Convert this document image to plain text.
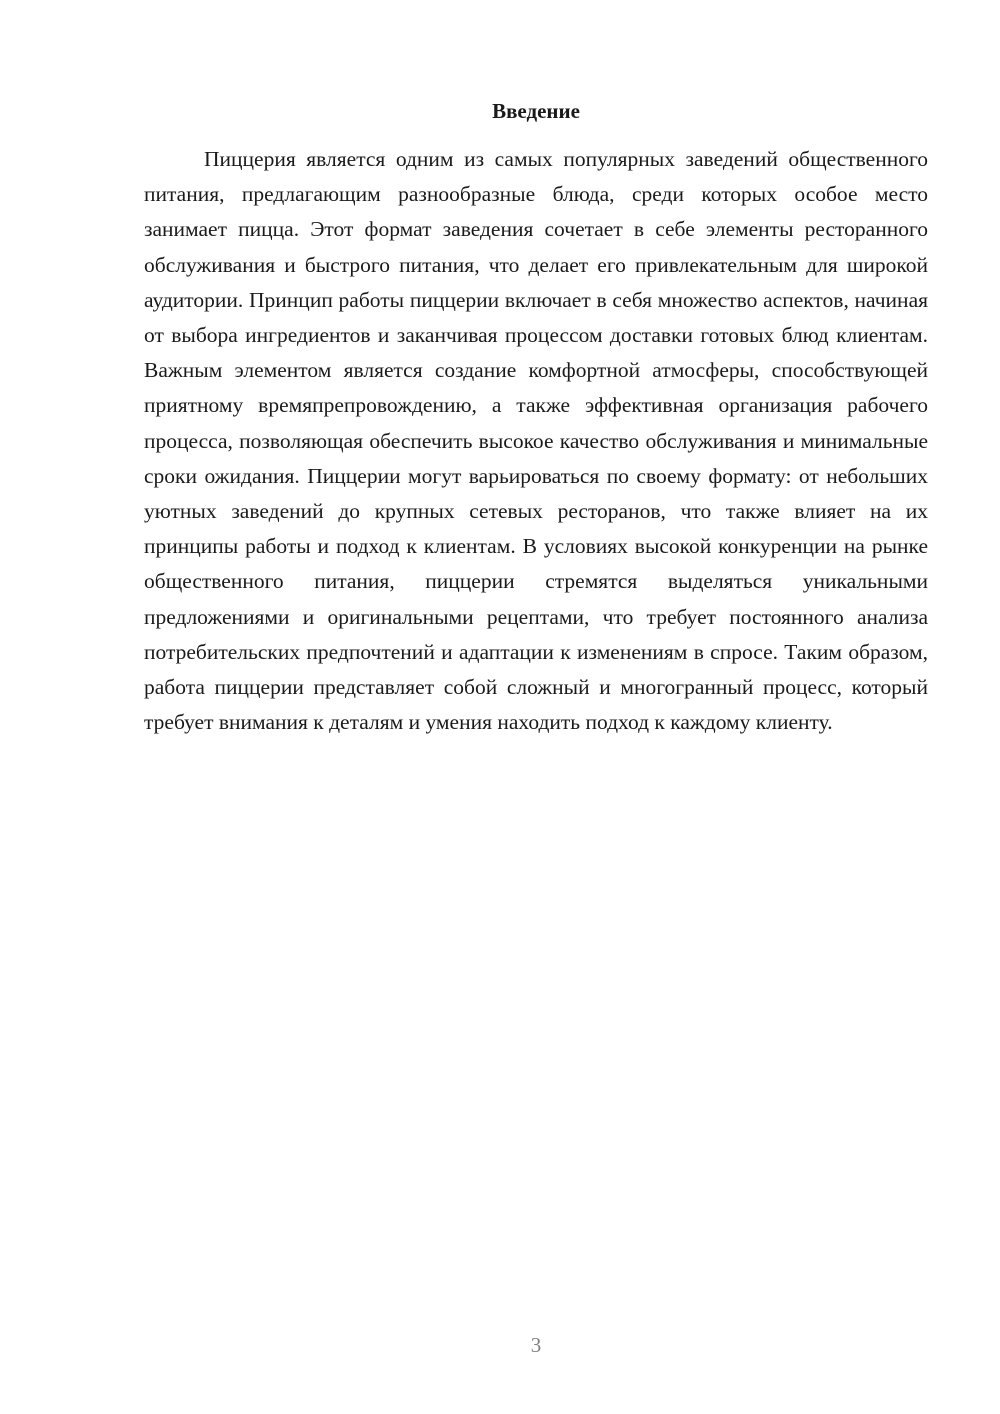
Введение

Пиццерия является одним из самых популярных заведений общественного питания, предлагающим разнообразные блюда, среди которых особое место занимает пицца. Этот формат заведения сочетает в себе элементы ресторанного обслуживания и быстрого питания, что делает его привлекательным для широкой аудитории. Принцип работы пиццерии включает в себя множество аспектов, начиная от выбора ингредиентов и заканчивая процессом доставки готовых блюд клиентам. Важным элементом является создание комфортной атмосферы, способствующей приятному времяпрепровождению, а также эффективная организация рабочего процесса, позволяющая обеспечить высокое качество обслуживания и минимальные сроки ожидания. Пиццерии могут варьироваться по своему формату: от небольших уютных заведений до крупных сетевых ресторанов, что также влияет на их принципы работы и подход к клиентам. В условиях высокой конкуренции на рынке общественного питания, пиццерии стремятся выделяться уникальными предложениями и оригинальными рецептами, что требует постоянного анализа потребительских предпочтений и адаптации к изменениям в спросе. Таким образом, работа пиццерии представляет собой сложный и многогранный процесс, который требует внимания к деталям и умения находить подход к каждому клиенту.

3
